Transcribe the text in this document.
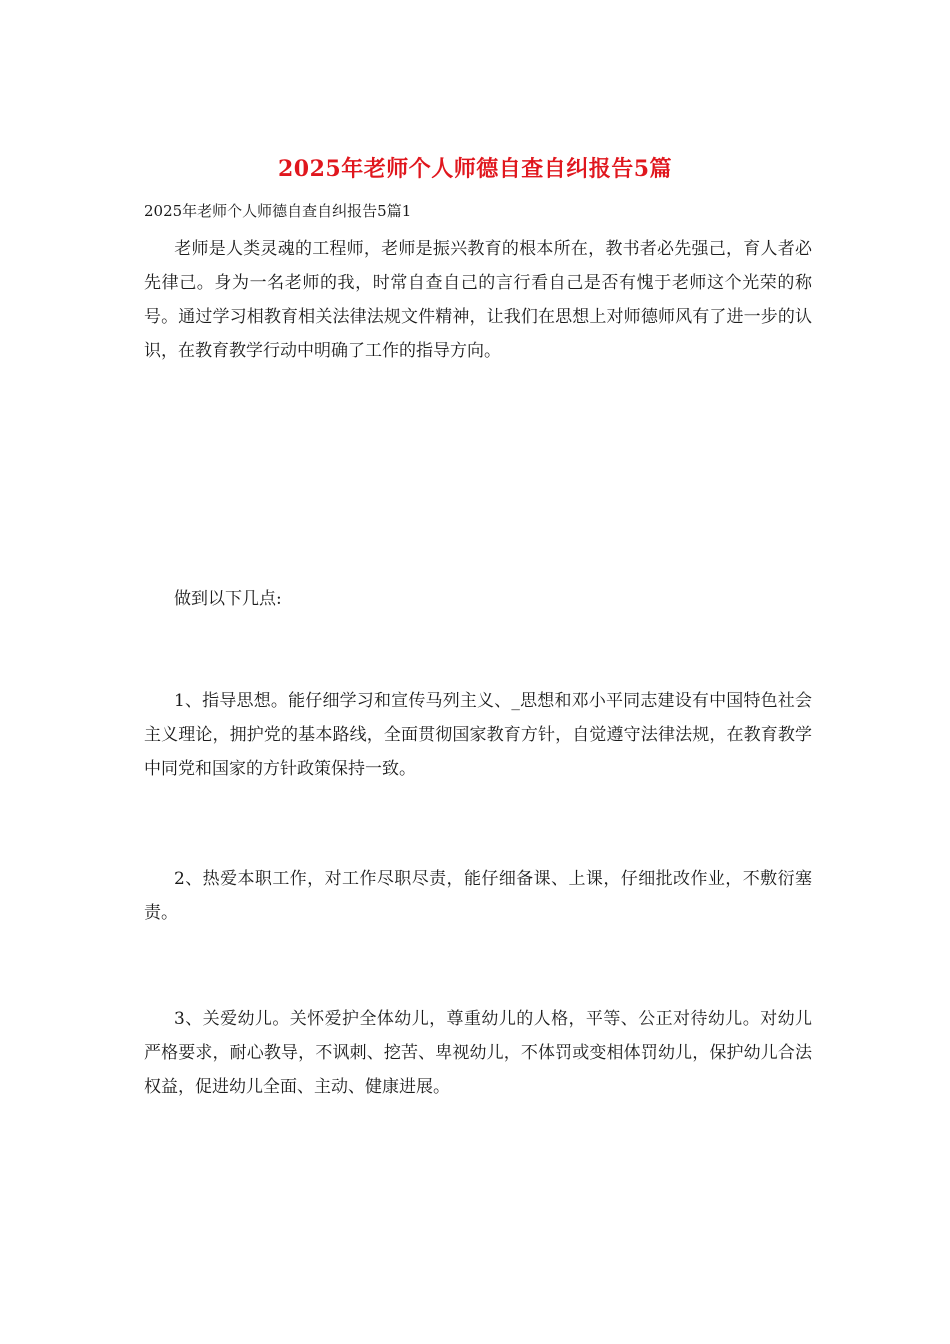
2025年老师个人师德自查自纠报告5篇
2025年老师个人师德自查自纠报告5篇1
老师是人类灵魂的工程师，老师是振兴教育的根本所在，教书者必先强己，育人者必先律己。身为一名老师的我，时常自查自己的言行看自己是否有愧于老师这个光荣的称号。通过学习相教育相关法律法规文件精神，让我们在思想上对师德师风有了进一步的认识，在教育教学行动中明确了工作的指导方向。
做到以下几点:
1、指导思想。能仔细学习和宣传马列主义、_思想和邓小平同志建设有中国特色社会主义理论，拥护党的基本路线，全面贯彻国家教育方针，自觉遵守法律法规，在教育教学中同党和国家的方针政策保持一致。
2、热爱本职工作，对工作尽职尽责，能仔细备课、上课，仔细批改作业，不敷衍塞责。
3、关爱幼儿。关怀爱护全体幼儿，尊重幼儿的人格，平等、公正对待幼儿。对幼儿严格要求，耐心教导，不讽刺、挖苦、卑视幼儿，不体罚或变相体罚幼儿，保护幼儿合法权益，促进幼儿全面、主动、健康进展。
